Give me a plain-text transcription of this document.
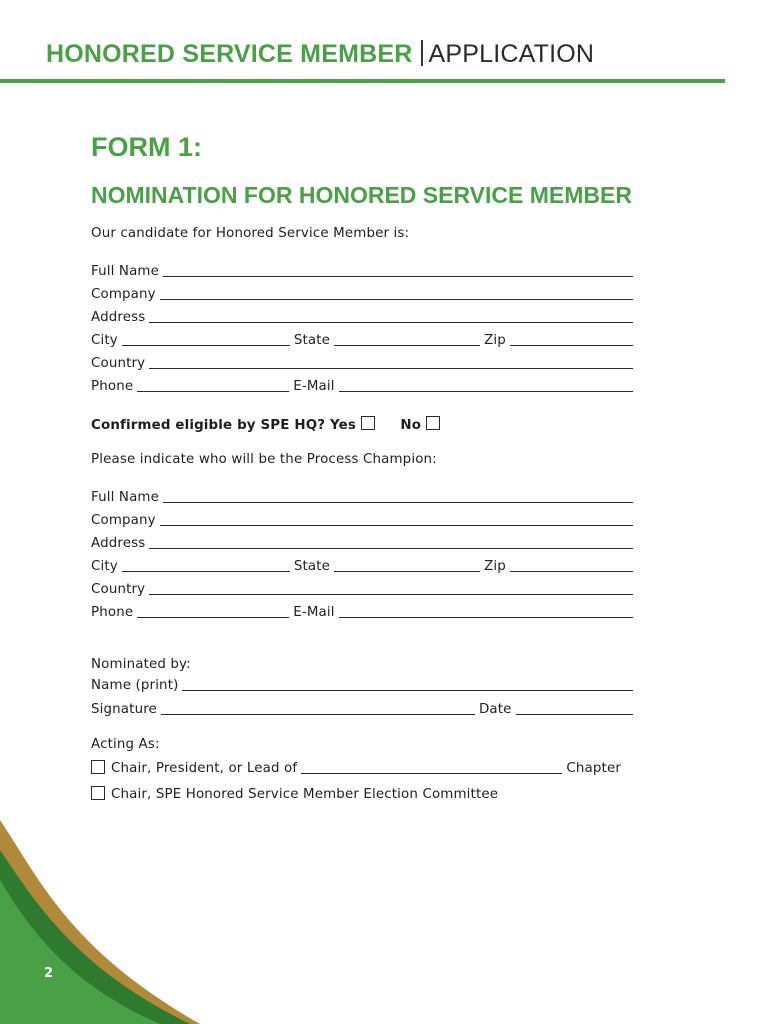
HONORED SERVICE MEMBER APPLICATION
FORM 1:
NOMINATION FOR HONORED SERVICE MEMBER
Our candidate for Honored Service Member is:
Full Name
Company
Address
City	State	Zip
Country
Phone	E-Mail
Confirmed eligible by SPE HQ? Yes	No
Please indicate who will be the Process Champion:
Full Name
Company
Address
City	State	Zip
Country
Phone	E-Mail
Nominated by:
Name (print)
Signature	Date
Acting As:
Chair, President, or Lead of	Chapter
Chair, SPE Honored Service Member Election Committee
2
